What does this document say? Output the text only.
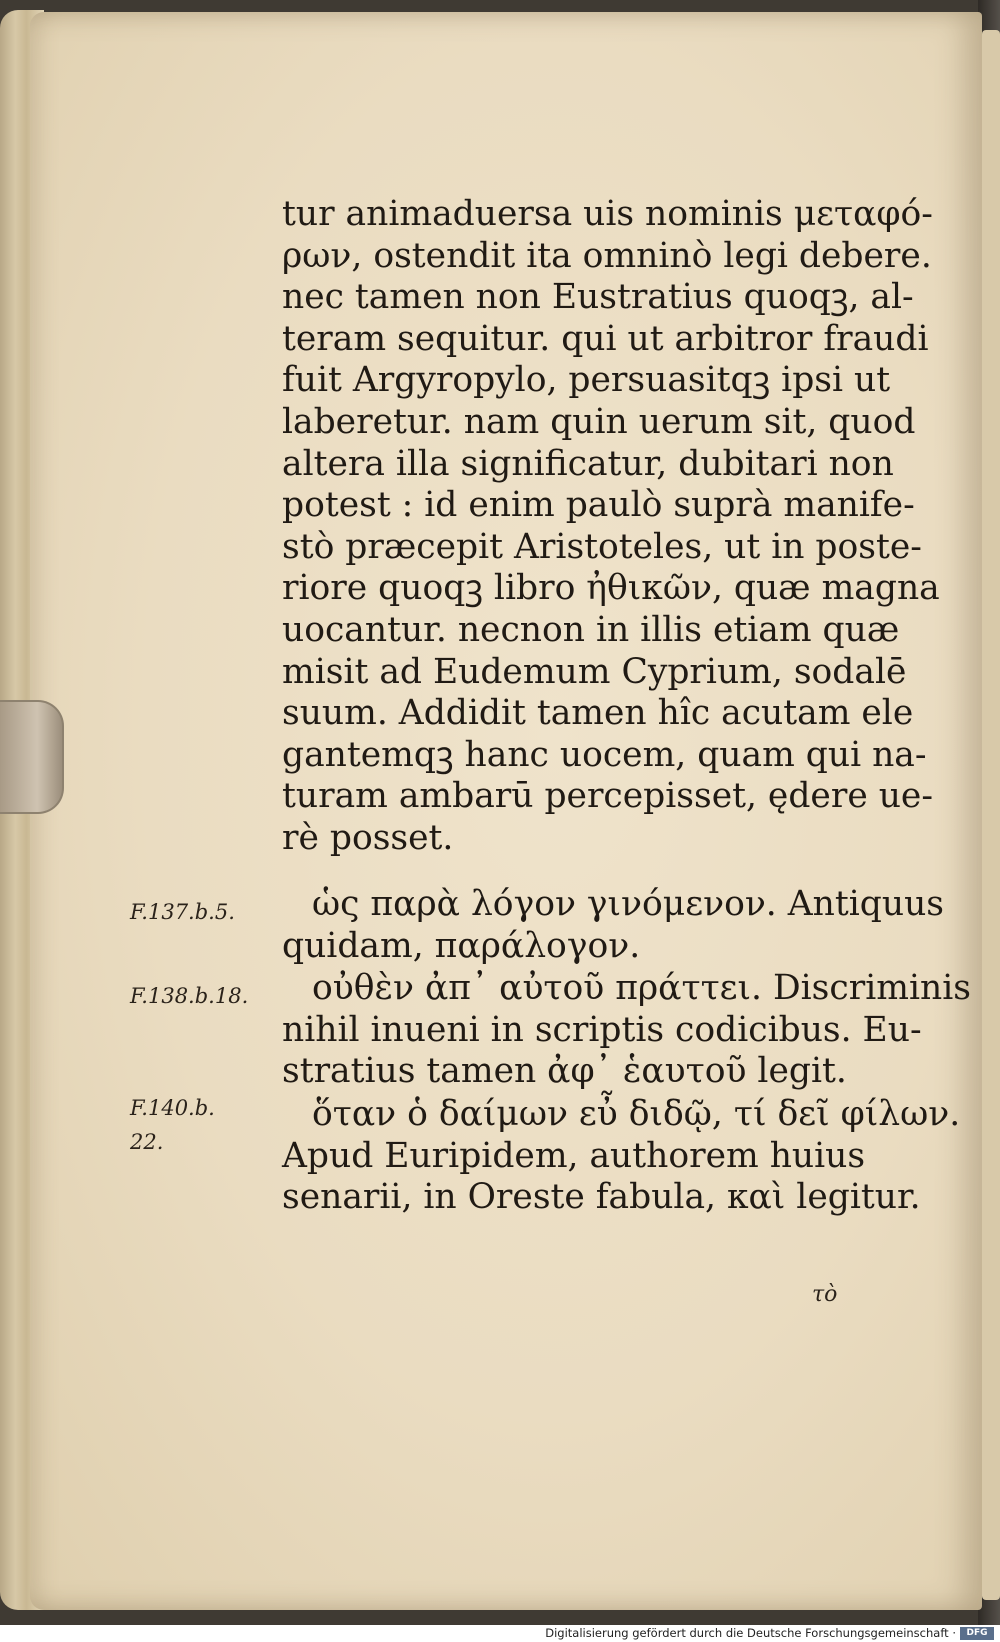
tur animaduersa uis nominis μεταφό-
ρων, ostendit ita omninò legi debere.
nec tamen non Eustratius quoqꝫ, al-
teram sequitur. qui ut arbitror fraudi
fuit Argyropylo, persuasitqꝫ ipsi ut
laberetur. nam quin uerum sit, quod
altera illa significatur, dubitari non
potest : id enim paulò suprà manife-
stò præcepit Aristoteles, ut in poste-
riore quoqꝫ libro ἠθικῶν, quæ magna
uocantur. necnon in illis etiam quæ
misit ad Eudemum Cyprium, sodalē
suum. Addidit tamen hîc acutam ele
gantemqꝫ hanc uocem, quam qui na-
turam ambarū percepisset, ędere ue-
rè posset.
F.137.b.5.	ὡς παρὰ λόγον γινόμενον. Antiquus
quidam, παράλογον.
F.138.b.18.	οὐθὲν ἀπ᾽ αὐτοῦ πράττει. Discriminis
nihil inueni in scriptis codicibus. Eu-
stratius tamen ἀφ᾽ ἑαυτοῦ legit.
F.140.b.
22.
ὅταν ὁ δαίμων εὖ διδῷ, τί δεῖ φίλων.
Apud Euripidem, authorem huius
senarii, in Oreste fabula, καὶ legitur.
τὸ
Digitalisierung gefördert durch die Deutsche Forschungsgemeinschaft ·	DFG
